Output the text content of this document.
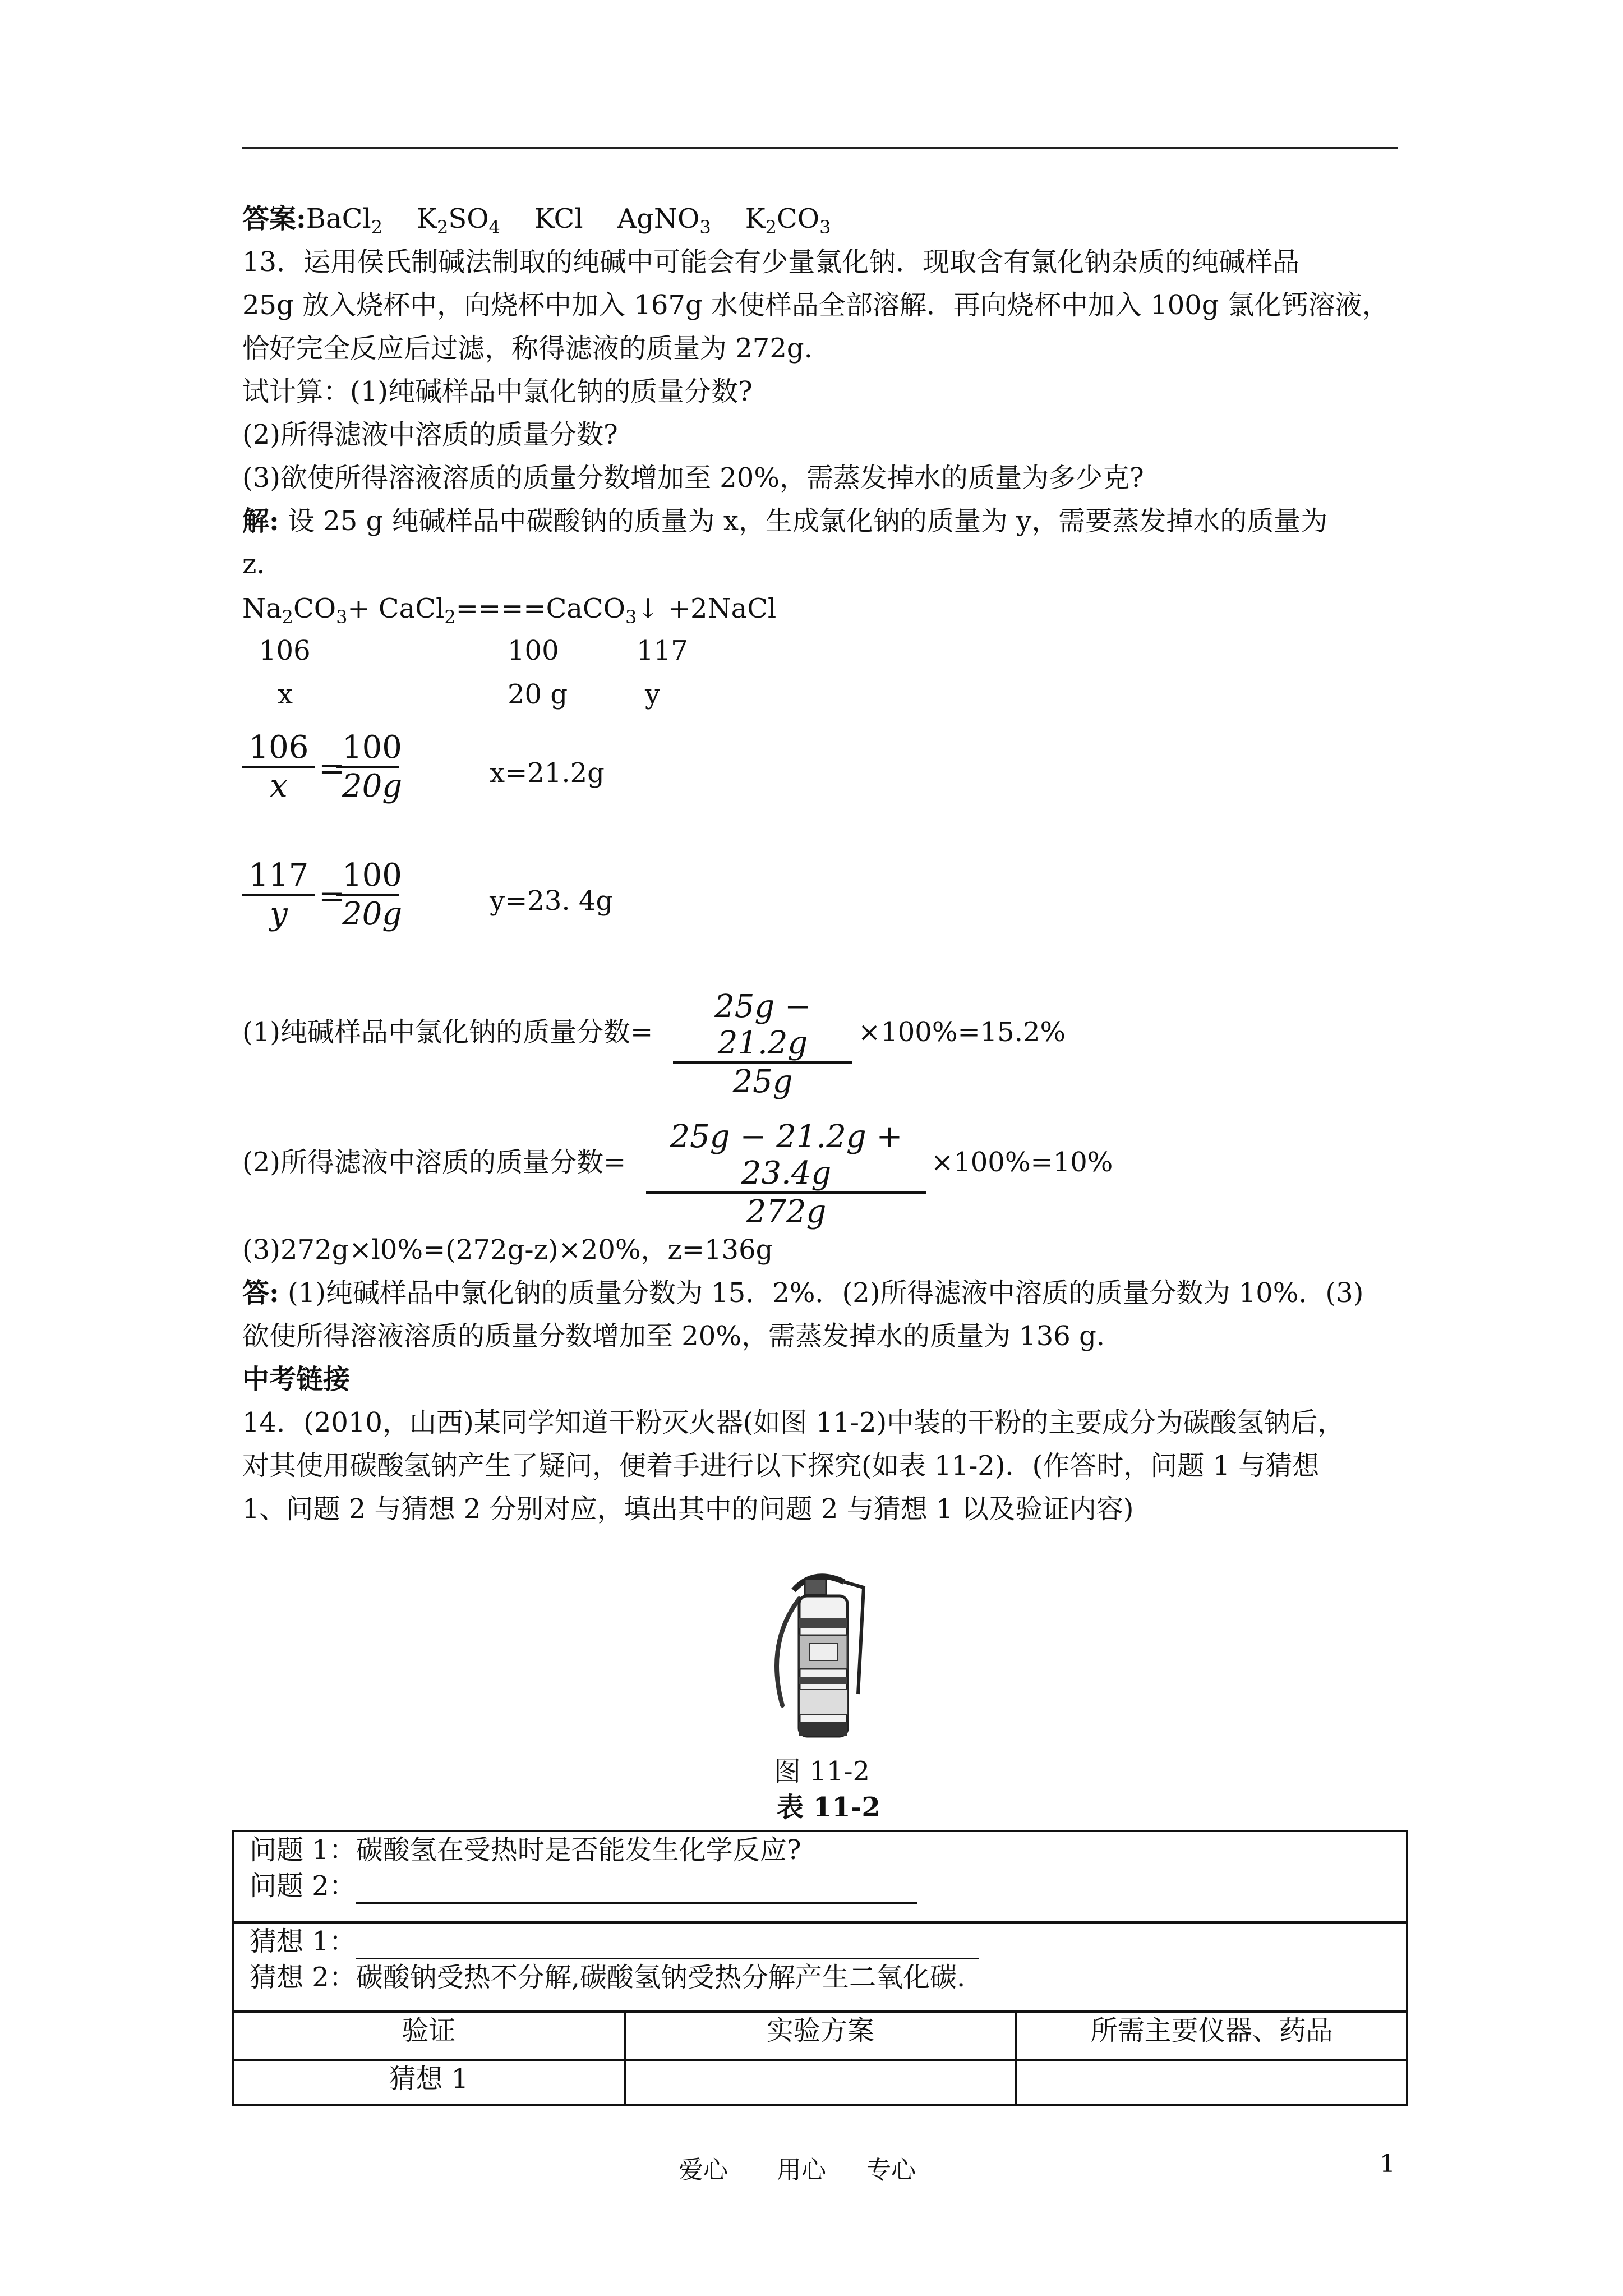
答案:BaCl$_2$ $K_2SO_4$ KCl AgNO$_3$ $K_2CO_3$
13．运用侯氏制碱法制取的纯碱中可能会有少量氯化钠．现取含有氯化钠杂质的纯碱样品
25g 放入烧杯中，向烧杯中加入 167g 水使样品全部溶解．再向烧杯中加入 100g 氯化钙溶液，
恰好完全反应后过滤，称得滤液的质量为 272g.
试计算：(1)纯碱样品中氯化钠的质量分数?
(2)所得滤液中溶质的质量分数?
(3)欲使所得溶液溶质的质量分数增加至 20%，需蒸发掉水的质量为多少克?
解: 设 25 g 纯碱样品中碳酸钠的质量为 x，生成氯化钠的质量为 y，需要蒸发掉水的质量为
z.
$Na_2CO_3+$ CaCl$_2$====CaCO$_3$↓ +2NaCl
106	100	117
x	20 g	y
$\frac{106}{x}$ =
$\frac{100}{20g}$	x=21.2g
$\frac{117}{y}$ =
$\frac{100}{20g}$	y=23. 4g
(1)纯碱样品中氯化钠的质量分数= $\frac{25g - 21.2g}{25g} \times 100\%=15.2\%$
(2)所得滤液中溶质的质量分数= $\frac{25g - 21.2g + 23.4g}{272g} \times 100\%=10\%$
(3)272g×l0%=(272g-z)×20%，z=136g
答: (1)纯碱样品中氯化钠的质量分数为 15．2%．(2)所得滤液中溶质的质量分数为 10%．(3)
欲使所得溶液溶质的质量分数增加至 20%，需蒸发掉水的质量为 136 g.
中考链接
14．(2010，山西)某同学知道干粉灭火器(如图 11-2)中装的干粉的主要成分为碳酸氢钠后，
对其使用碳酸氢钠产生了疑问，便着手进行以下探究(如表 11-2)．(作答时，问题 1 与猜想
1、问题 2 与猜想 2 分别对应，填出其中的问题 2 与猜想 1 以及验证内容)
图 11-2
表 11-2
问题 1：碳酸氢在受热时是否能发生化学反应?
问题 2：		

猜想 1：
猜想 2：碳酸钠受热不分解,碳酸氢钠受热分解产生二氧化碳.		

验证	实验方案	所需主要仪器、药品
猜想 1		
爱心 用心 专心	1
